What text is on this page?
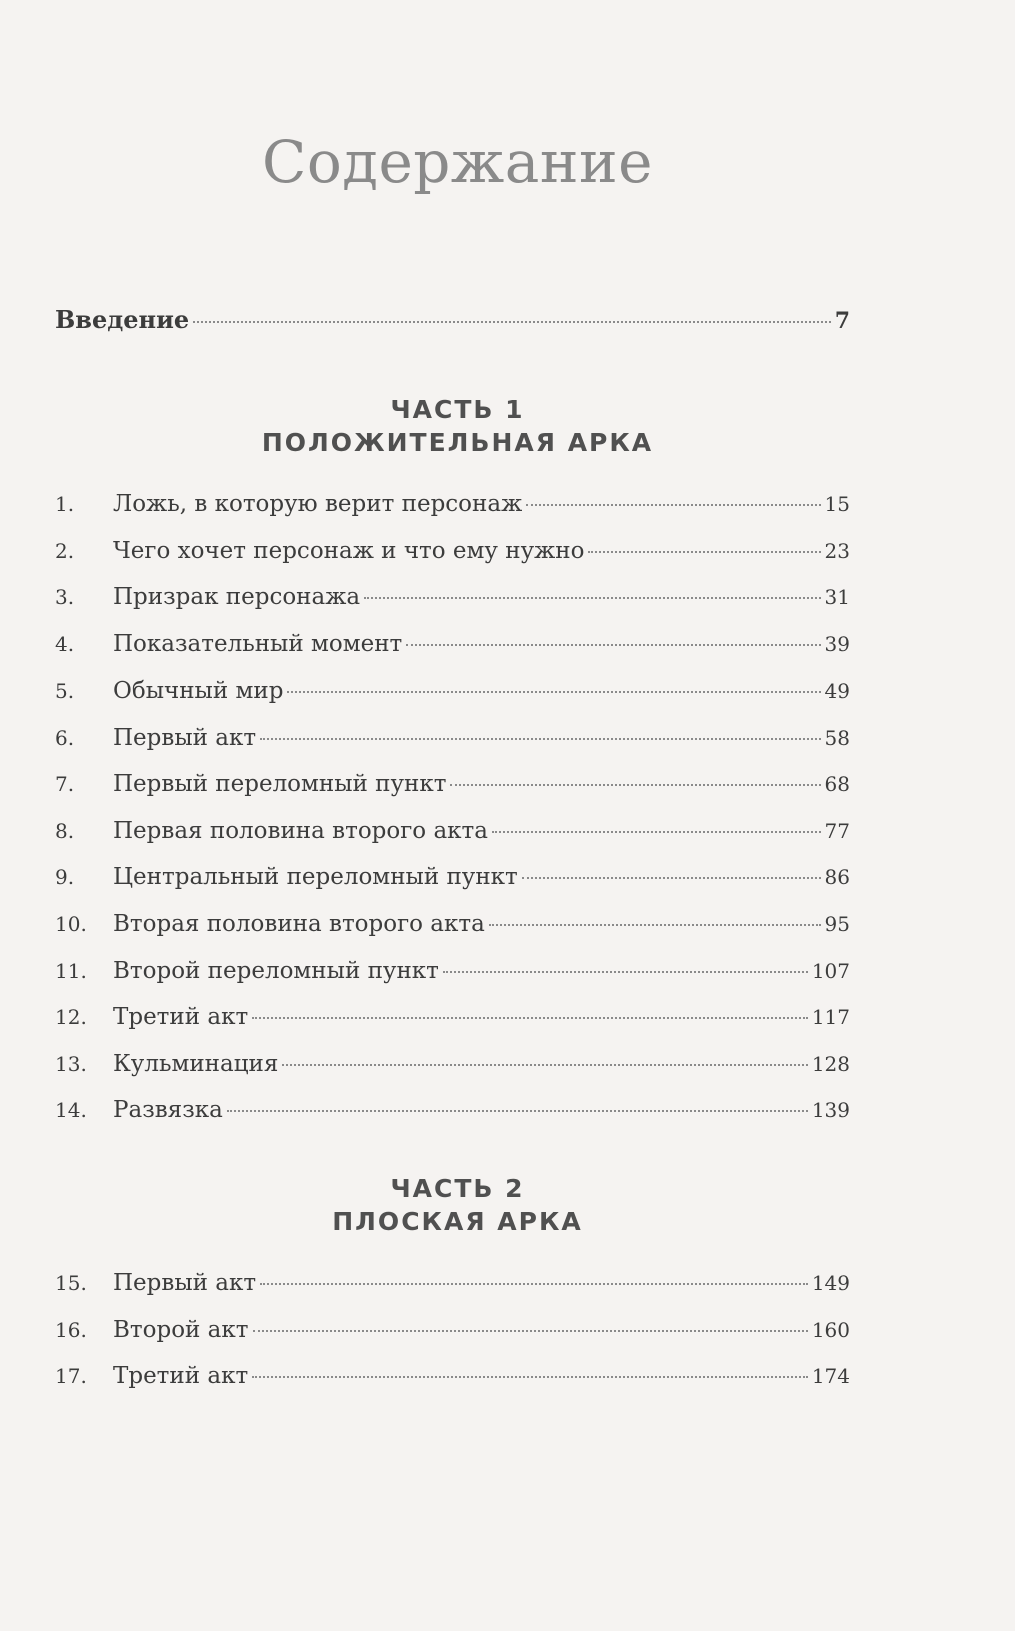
Содержание
Введение	7
ЧАСТЬ 1
ПОЛОЖИТЕЛЬНАЯ АРКА
1.	Ложь, в которую верит персонаж	15
2.	Чего хочет персонаж и что ему нужно	23
3.	Призрак персонажа	31
4.	Показательный момент	39
5.	Обычный мир	49
6.	Первый акт	58
7.	Первый переломный пункт	68
8.	Первая половина второго акта	77
9.	Центральный переломный пункт	86
10.	Вторая половина второго акта	95
11.	Второй переломный пункт	107
12.	Третий акт	117
13.	Кульминация	128
14.	Развязка	139
ЧАСТЬ 2
ПЛОСКАЯ АРКА
15.	Первый акт	149
16.	Второй акт	160
17.	Третий акт	174
